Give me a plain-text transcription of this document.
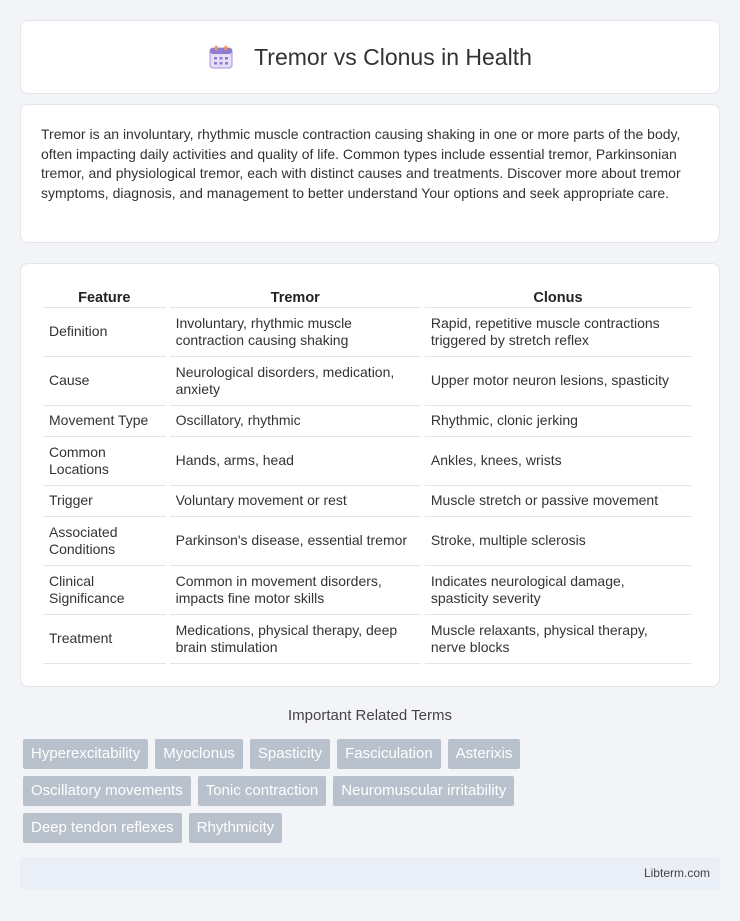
Tremor vs Clonus in Health

Tremor is an involuntary, rhythmic muscle contraction causing shaking in one or more parts of the body, often impacting daily activities and quality of life. Common types include essential tremor, Parkinsonian tremor, and physiological tremor, each with distinct causes and treatments. Discover more about tremor symptoms, diagnosis, and management to better understand Your options and seek appropriate care.

Feature	Tremor	Clonus
Definition	Involuntary, rhythmic muscle contraction causing shaking	Rapid, repetitive muscle contractions triggered by stretch reflex
Cause	Neurological disorders, medication, anxiety	Upper motor neuron lesions, spasticity
Movement Type	Oscillatory, rhythmic	Rhythmic, clonic jerking
Common Locations	Hands, arms, head	Ankles, knees, wrists
Trigger	Voluntary movement or rest	Muscle stretch or passive movement
Associated Conditions	Parkinson's disease, essential tremor	Stroke, multiple sclerosis
Clinical Significance	Common in movement disorders, impacts fine motor skills	Indicates neurological damage, spasticity severity
Treatment	Medications, physical therapy, deep brain stimulation	Muscle relaxants, physical therapy, nerve blocks
Important Related Terms
Hyperexcitability	Myoclonus	Spasticity	Fasciculation	Asterixis
Oscillatory movements	Tonic contraction	Neuromuscular irritability
Deep tendon reflexes	Rhythmicity
Libterm.com
